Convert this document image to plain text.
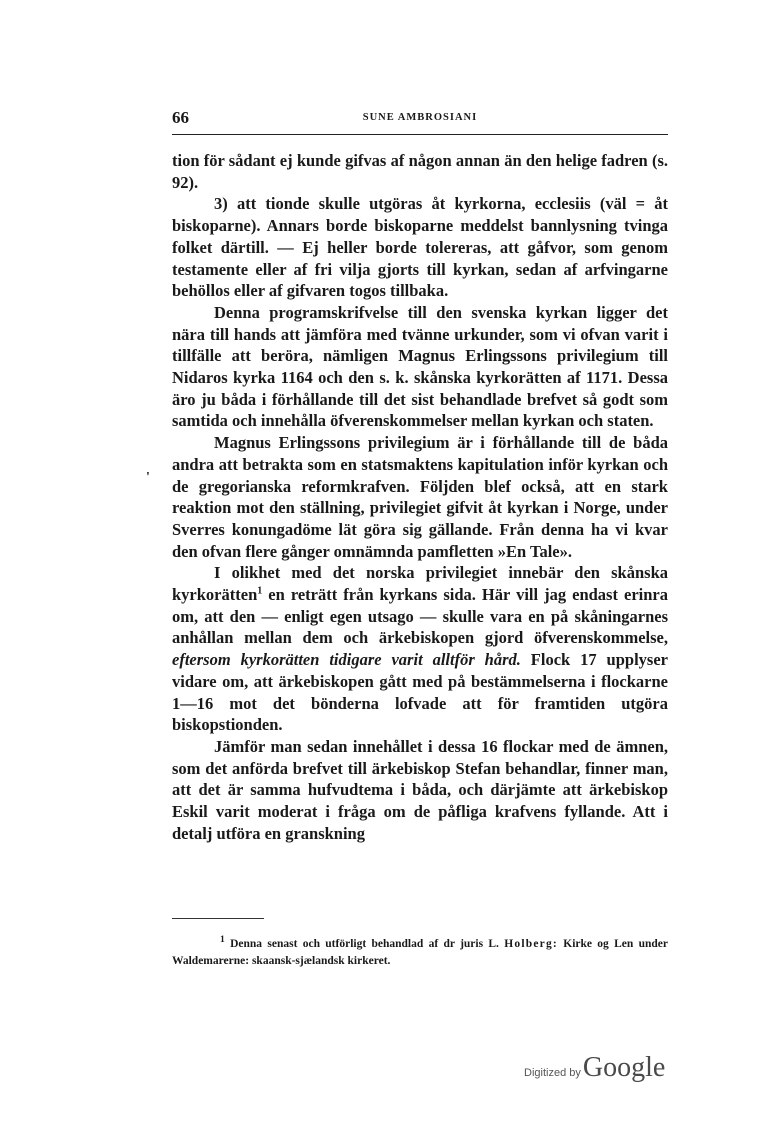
66	SUNE AMBROSIANI
'

tion för sådant ej kunde gifvas af någon annan än den helige fadren (s. 92).

3) att tionde skulle utgöras åt kyrkorna, ecclesiis (väl = åt biskoparne). Annars borde biskoparne meddelst bannlysning tvinga folket därtill. — Ej heller borde tolereras, att gåfvor, som genom testamente eller af fri vilja gjorts till kyrkan, sedan af arfvingarne behöllos eller af gifvaren togos tillbaka.

Denna programskrifvelse till den svenska kyrkan ligger det nära till hands att jämföra med tvänne urkunder, som vi ofvan varit i tillfälle att beröra, nämligen Magnus Erlingssons privilegium till Nidaros kyrka 1164 och den s. k. skånska kyrkorätten af 1171. Dessa äro ju båda i förhållande till det sist behandlade brefvet så godt som samtida och innehålla öfverenskommelser mellan kyrkan och staten.

Magnus Erlingssons privilegium är i förhållande till de båda andra att betrakta som en statsmaktens kapitulation inför kyrkan och de gregorianska reformkrafven. Följden blef också, att en stark reaktion mot den ställning, privilegiet gifvit åt kyrkan i Norge, under Sverres konungadöme lät göra sig gällande. Från denna ha vi kvar den ofvan flere gånger omnämnda pamfletten »En Tale».

I olikhet med det norska privilegiet innebär den skånska kyrkorätten$^1$ en reträtt från kyrkans sida. Här vill jag endast erinra om, att den — enligt egen utsago — skulle vara en på skåningarnes anhållan mellan dem och ärkebiskopen gjord öfverenskommelse, eftersom kyrkorätten tidigare varit alltför hård. Flock 17 upplyser vidare om, att ärkebiskopen gått med på bestämmelserna i flockarne 1—16 mot det bönderna lofvade att för framtiden utgöra biskopstionden.

Jämför man sedan innehållet i dessa 16 flockar med de ämnen, som det anförda brefvet till ärkebiskop Stefan behandlar, finner man, att det är samma hufvudtema i båda, och därjämte att ärkebiskop Eskil varit moderat i fråga om de påfliga krafvens fyllande. Att i detalj utföra en granskning

$^1$ Denna senast och utförligt behandlad af dr juris L. Holberg: Kirke og Len under Waldemarerne: skaansk-sjælandsk kirkeret.
Digitized by Google
